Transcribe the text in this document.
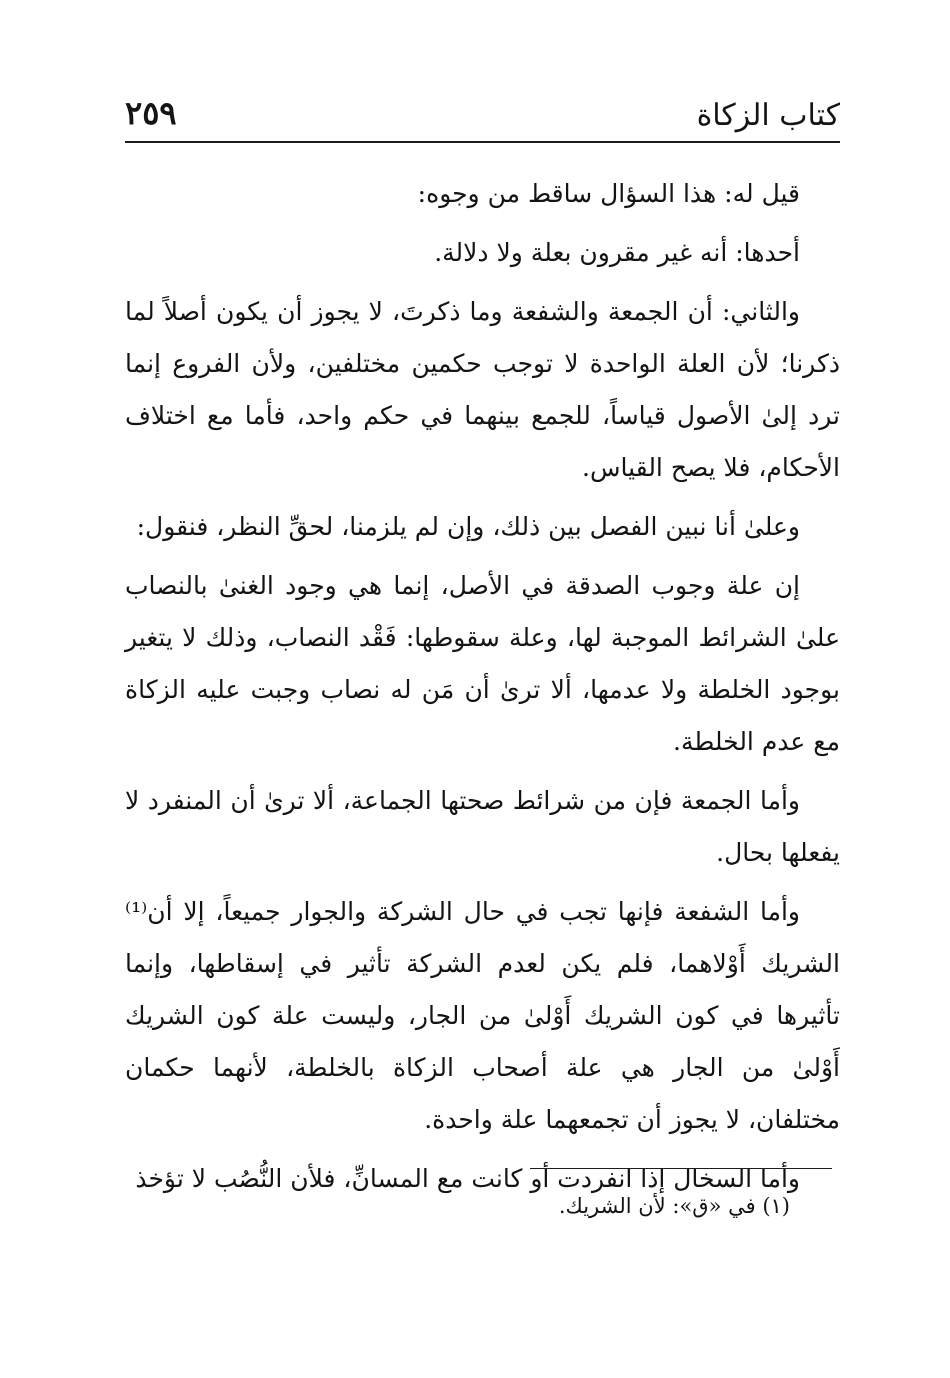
كتاب الزكاة
٢٥٩

قيل له: هذا السؤال ساقط من وجوه:

أحدها: أنه غير مقرون بعلة ولا دلالة.

والثاني: أن الجمعة والشفعة وما ذكرتَ، لا يجوز أن يكون أصلاً لما ذكرنا؛ لأن العلة الواحدة لا توجب حكمين مختلفين، ولأن الفروع إنما ترد إلىٰ الأصول قياساً، للجمع بينهما في حكم واحد، فأما مع اختلاف الأحكام، فلا يصح القياس.

وعلىٰ أنا نبين الفصل بين ذلك، وإن لم يلزمنا، لحقِّ النظر، فنقول:

إن علة وجوب الصدقة في الأصل، إنما هي وجود الغنىٰ بالنصاب علىٰ الشرائط الموجبة لها، وعلة سقوطها: فَقْد النصاب، وذلك لا يتغير بوجود الخلطة ولا عدمها، ألا ترىٰ أن مَن له نصاب وجبت عليه الزكاة مع عدم الخلطة.

وأما الجمعة فإن من شرائط صحتها الجماعة، ألا ترىٰ أن المنفرد لا يفعلها بحال.

وأما الشفعة فإنها تجب في حال الشركة والجوار جميعاً، إلا أن⁽¹⁾ الشريك أَوْلاهما، فلم يكن لعدم الشركة تأثير في إسقاطها، وإنما تأثيرها في كون الشريك أَوْلىٰ من الجار، وليست علة كون الشريك أَوْلىٰ من الجار هي علة أصحاب الزكاة بالخلطة، لأنهما حكمان مختلفان، لا يجوز أن تجمعهما علة واحدة.

وأما السخال إذا انفردت أو كانت مع المسانِّ، فلأن النُّصُب لا تؤخذ

(١) في «ق»: لأن الشريك.
